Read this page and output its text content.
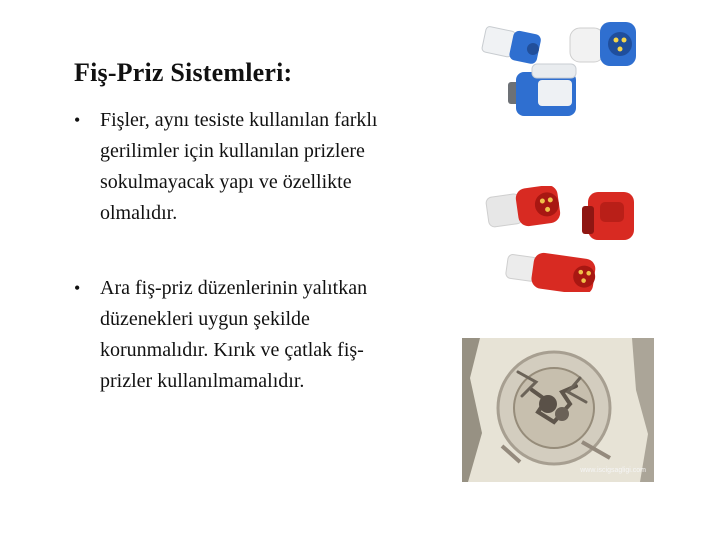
Fiş-Priz Sistemleri:
• Fişler, aynı tesiste kullanılan farklı gerilimler için kullanılan prizlere sokulmayacak yapı ve özellikte olmalıdır.
• Ara fiş-priz düzenlerinin yalıtkan düzenekleri uygun şekilde korunmalıdır. Kırık ve çatlak fiş-prizler kullanılmamalıdır.
www.iscigsagligi.com
